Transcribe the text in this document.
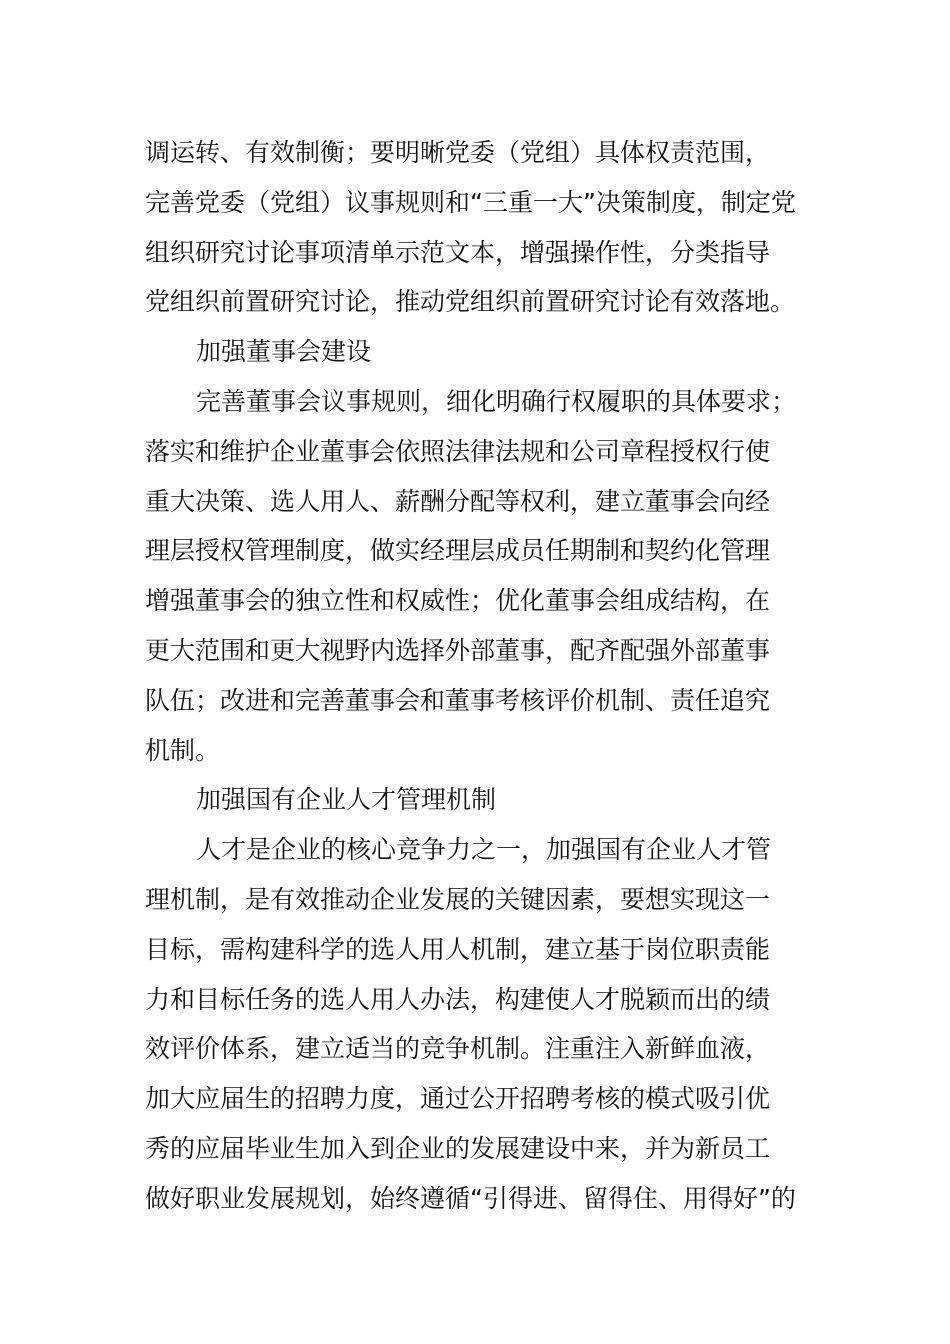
调运转、有效制衡；要明晰党委（党组）具体权责范围，
完善党委（党组）议事规则和“三重一大”决策制度，制定党
组织研究讨论事项清单示范文本，增强操作性，分类指导
党组织前置研究讨论，推动党组织前置研究讨论有效落地。
加强董事会建设
完善董事会议事规则，细化明确行权履职的具体要求；
落实和维护企业董事会依照法律法规和公司章程授权行使
重大决策、选人用人、薪酬分配等权利，建立董事会向经
理层授权管理制度，做实经理层成员任期制和契约化管理
增强董事会的独立性和权威性；优化董事会组成结构，在
更大范围和更大视野内选择外部董事，配齐配强外部董事
队伍；改进和完善董事会和董事考核评价机制、责任追究
机制。
加强国有企业人才管理机制
人才是企业的核心竞争力之一，加强国有企业人才管
理机制，是有效推动企业发展的关键因素，要想实现这一
目标，需构建科学的选人用人机制，建立基于岗位职责能
力和目标任务的选人用人办法，构建使人才脱颖而出的绩
效评价体系，建立适当的竞争机制。注重注入新鲜血液，
加大应届生的招聘力度，通过公开招聘考核的模式吸引优
秀的应届毕业生加入到企业的发展建设中来，并为新员工
做好职业发展规划，始终遵循“引得进、留得住、用得好”的
